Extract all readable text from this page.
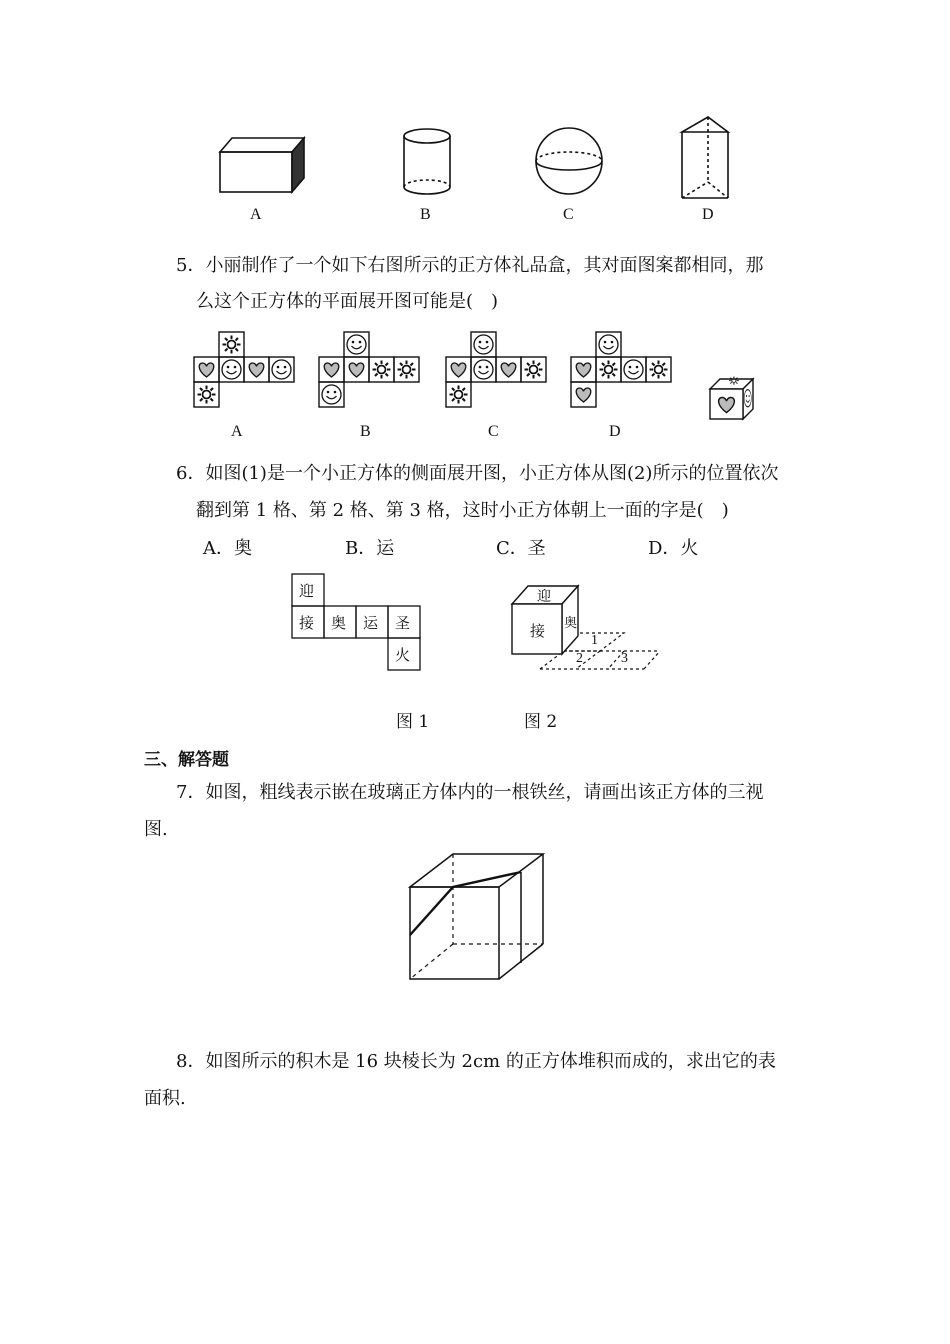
A	B	C	D
5．小丽制作了一个如下右图所示的正方体礼品盒，其对面图案都相同，那
么这个正方体的平面展开图可能是(　)
A	B	C	D
6．如图(1)是一个小正方体的侧面展开图，小正方体从图(2)所示的位置依次
翻到第 1 格、第 2 格、第 3 格，这时小正方体朝上一面的字是(　)
A．奥	B．运	C．圣	D．火
迎
接 奥 运 圣
火
迎
接
奥
1
2	3
图 1	图 2
三、解答题
7．如图，粗线表示嵌在玻璃正方体内的一根铁丝，请画出该正方体的三视
图.
8．如图所示的积木是 16 块棱长为 2cm 的正方体堆积而成的，求出它的表
面积.
